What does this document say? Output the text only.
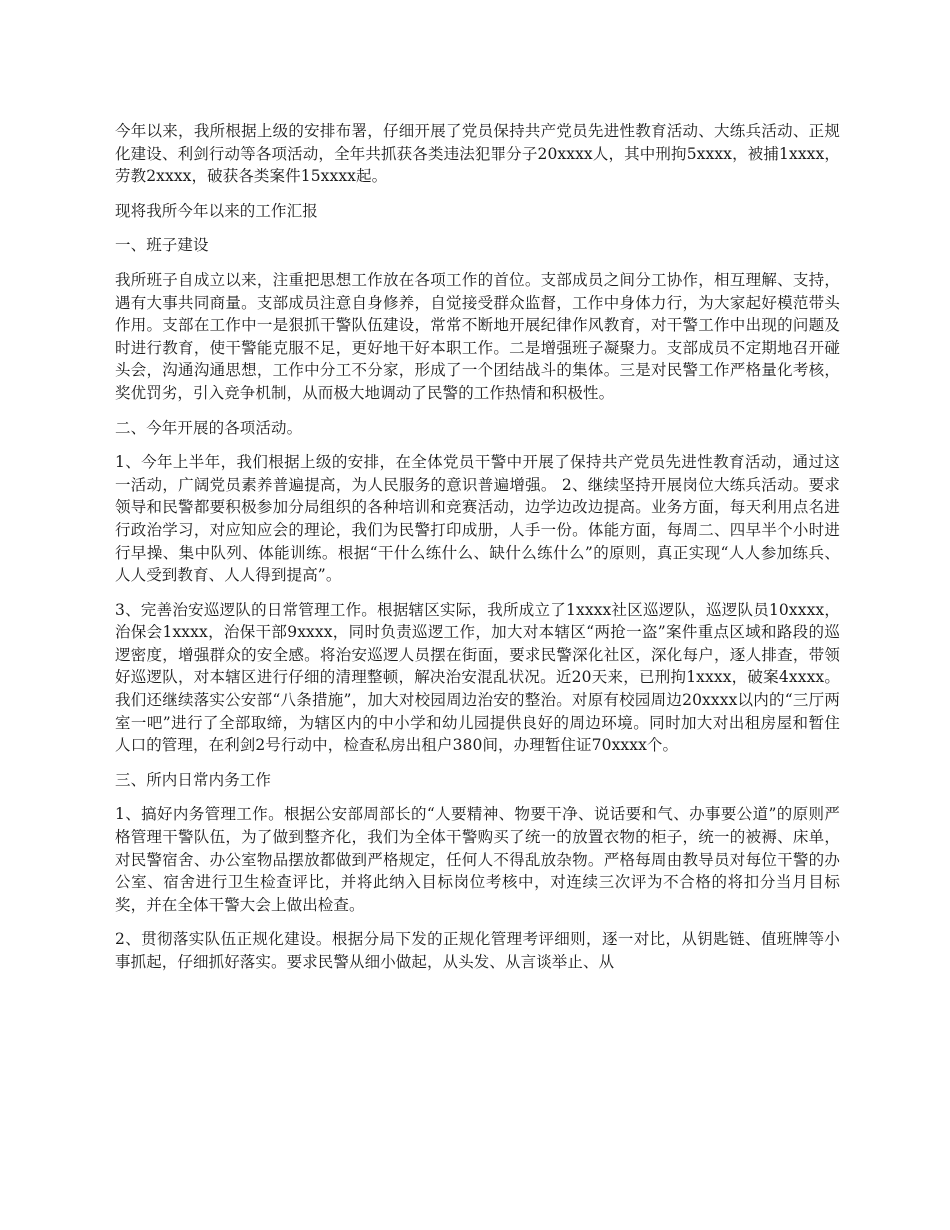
今年以来，我所根据上级的安排布署，仔细开展了党员保持共产党员先进性教育活动、大练兵活动、正规化建设、利剑行动等各项活动，全年共抓获各类违法犯罪分子20xxxx人，其中刑拘5xxxx，被捕1xxxx，劳教2xxxx，破获各类案件15xxxx起。

现将我所今年以来的工作汇报

一、班子建设

我所班子自成立以来，注重把思想工作放在各项工作的首位。支部成员之间分工协作，相互理解、支持，遇有大事共同商量。支部成员注意自身修养，自觉接受群众监督，工作中身体力行，为大家起好模范带头作用。支部在工作中一是狠抓干警队伍建设，常常不断地开展纪律作风教育，对干警工作中出现的问题及时进行教育，使干警能克服不足，更好地干好本职工作。二是增强班子凝聚力。支部成员不定期地召开碰头会，沟通沟通思想，工作中分工不分家，形成了一个团结战斗的集体。三是对民警工作严格量化考核，奖优罚劣，引入竞争机制，从而极大地调动了民警的工作热情和积极性。

二、今年开展的各项活动。

1、今年上半年，我们根据上级的安排，在全体党员干警中开展了保持共产党员先进性教育活动，通过这一活动，广阔党员素养普遍提高，为人民服务的意识普遍增强。 2、继续坚持开展岗位大练兵活动。要求领导和民警都要积极参加分局组织的各种培训和竞赛活动，边学边改边提高。业务方面，每天利用点名进行政治学习，对应知应会的理论，我们为民警打印成册，人手一份。体能方面，每周二、四早半个小时进行早操、集中队列、体能训练。根据“干什么练什么、缺什么练什么”的原则，真正实现“人人参加练兵、人人受到教育、人人得到提高”。

3、完善治安巡逻队的日常管理工作。根据辖区实际，我所成立了1xxxx社区巡逻队，巡逻队员10xxxx，治保会1xxxx，治保干部9xxxx，同时负责巡逻工作，加大对本辖区“两抢一盗”案件重点区域和路段的巡逻密度，增强群众的安全感。将治安巡逻人员摆在街面，要求民警深化社区，深化每户，逐人排查，带领好巡逻队，对本辖区进行仔细的清理整顿，解决治安混乱状况。近20天来，已刑拘1xxxx，破案4xxxx。我们还继续落实公安部“八条措施”，加大对校园周边治安的整治。对原有校园周边20xxxx以内的“三厅两室一吧”进行了全部取缔，为辖区内的中小学和幼儿园提供良好的周边环境。同时加大对出租房屋和暂住人口的管理，在利剑2号行动中，检查私房出租户380间，办理暂住证70xxxx个。

三、所内日常内务工作

1、搞好内务管理工作。根据公安部周部长的“人要精神、物要干净、说话要和气、办事要公道”的原则严格管理干警队伍，为了做到整齐化，我们为全体干警购买了统一的放置衣物的柜子，统一的被褥、床单，对民警宿舍、办公室物品摆放都做到严格规定，任何人不得乱放杂物。严格每周由教导员对每位干警的办公室、宿舍进行卫生检查评比，并将此纳入目标岗位考核中，对连续三次评为不合格的将扣分当月目标奖，并在全体干警大会上做出检查。

2、贯彻落实队伍正规化建设。根据分局下发的正规化管理考评细则，逐一对比，从钥匙链、值班牌等小事抓起，仔细抓好落实。要求民警从细小做起，从头发、从言谈举止、从
